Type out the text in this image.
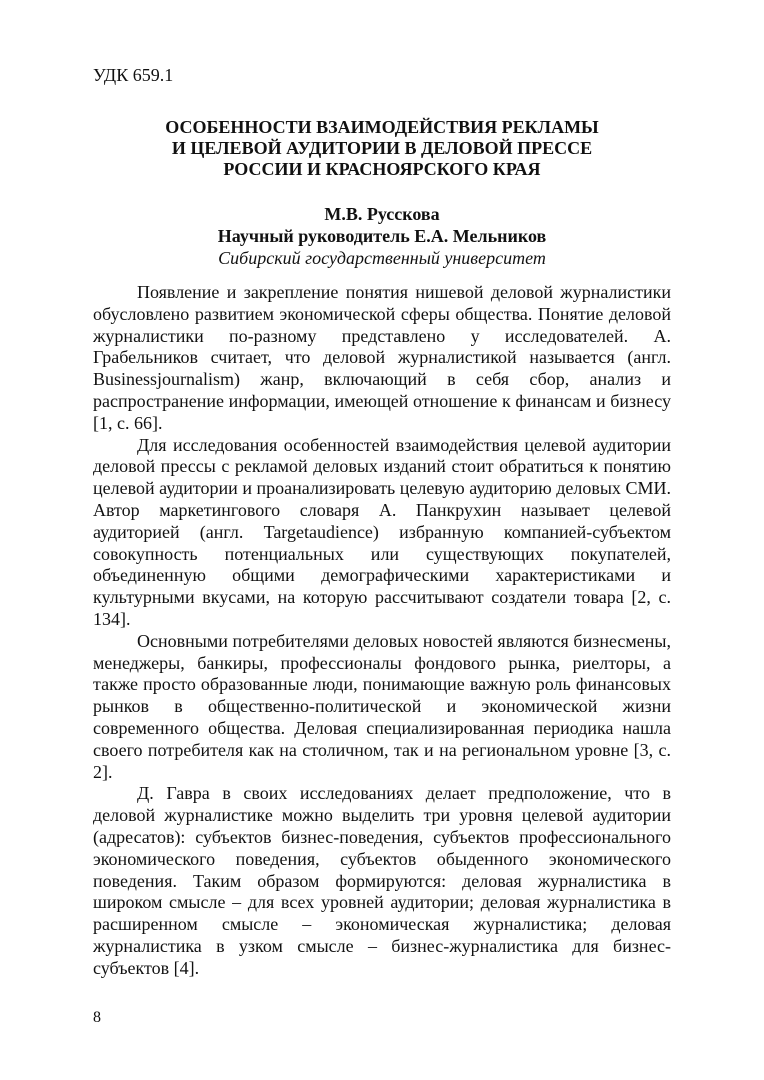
УДК 659.1
ОСОБЕННОСТИ ВЗАИМОДЕЙСТВИЯ РЕКЛАМЫ
И ЦЕЛЕВОЙ АУДИТОРИИ В ДЕЛОВОЙ ПРЕССЕ
РОССИИ И КРАСНОЯРСКОГО КРАЯ
М.В. Русскова
Научный руководитель Е.А. Мельников
Сибирский государственный университет

Появление и закрепление понятия нишевой деловой журналистики обусловлено развитием экономической сферы общества. Понятие деловой журналистики по-разному представлено у исследователей. А. Грабельников считает, что деловой журналистикой называется (англ. Businessjournalism) жанр, включающий в себя сбор, анализ и распространение информации, имеющей отношение к финансам и бизнесу [1, с. 66].

Для исследования особенностей взаимодействия целевой аудитории деловой прессы с рекламой деловых изданий стоит обратиться к понятию целевой аудитории и проанализировать целевую аудиторию деловых СМИ. Автор маркетингового словаря А. Панкрухин называет целевой аудиторией (англ. Targetaudience) избранную компанией-субъектом совокупность потенциальных или существующих покупателей, объединенную общими демографическими характеристиками и культурными вкусами, на которую рассчитывают создатели товара [2, с. 134].

Основными потребителями деловых новостей являются бизнесмены, менеджеры, банкиры, профессионалы фондового рынка, риелторы, а также просто образованные люди, понимающие важную роль финансовых рынков в общественно-политической и экономической жизни современного общества. Деловая специализированная периодика нашла своего потребителя как на столичном, так и на региональном уровне [3, с. 2].

Д. Гавра в своих исследованиях делает предположение, что в деловой журналистике можно выделить три уровня целевой аудитории (адресатов): субъектов бизнес-поведения, субъектов профессионального экономического поведения, субъектов обыденного экономического поведения. Таким образом формируются: деловая журналистика в широком смысле – для всех уровней аудитории; деловая журналистика в расширенном смысле – экономическая журналистика; деловая журналистика в узком смысле – бизнес-журналистика для бизнес-субъектов [4].

8
